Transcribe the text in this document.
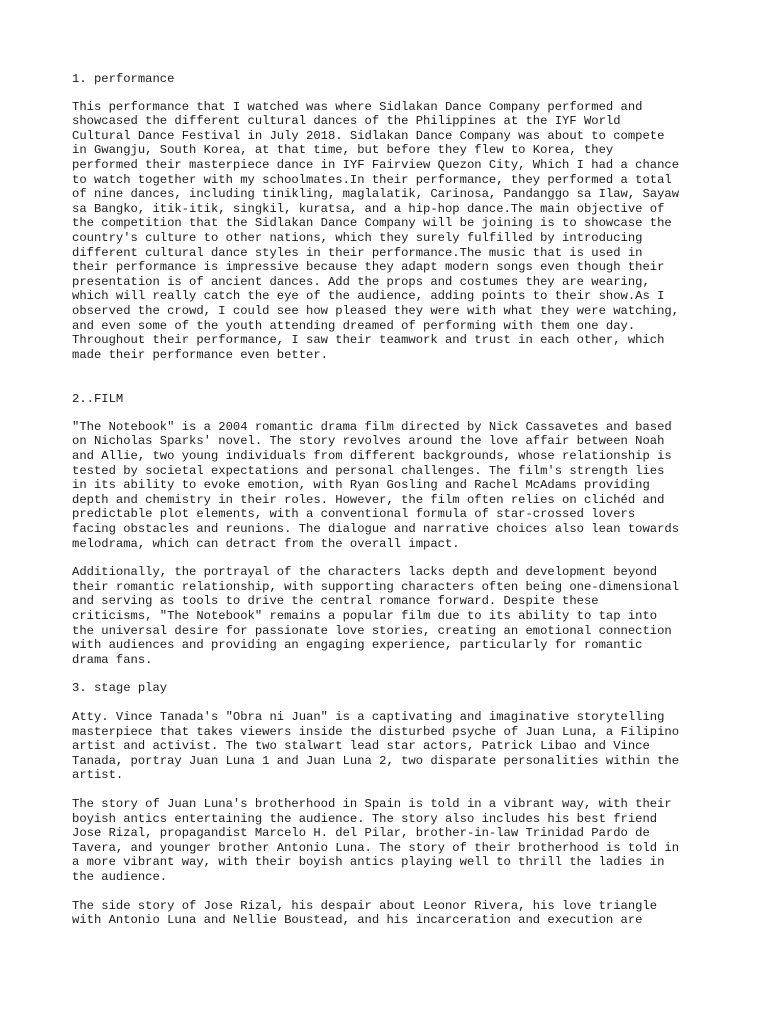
1. performance

This performance that I watched was where Sidlakan Dance Company performed and
showcased the different cultural dances of the Philippines at the IYF World
Cultural Dance Festival in July 2018. Sidlakan Dance Company was about to compete
in Gwangju, South Korea, at that time, but before they flew to Korea, they
performed their masterpiece dance in IYF Fairview Quezon City, Which I had a chance
to watch together with my schoolmates.In their performance, they performed a total
of nine dances, including tinikling, maglalatik, Carinosa, Pandanggo sa Ilaw, Sayaw
sa Bangko, itik-itik, singkil, kuratsa, and a hip-hop dance.The main objective of
the competition that the Sidlakan Dance Company will be joining is to showcase the
country's culture to other nations, which they surely fulfilled by introducing
different cultural dance styles in their performance.The music that is used in
their performance is impressive because they adapt modern songs even though their
presentation is of ancient dances. Add the props and costumes they are wearing,
which will really catch the eye of the audience, adding points to their show.As I
observed the crowd, I could see how pleased they were with what they were watching,
and even some of the youth attending dreamed of performing with them one day.
Throughout their performance, I saw their teamwork and trust in each other, which
made their performance even better.

2..FILM

"The Notebook" is a 2004 romantic drama film directed by Nick Cassavetes and based
on Nicholas Sparks' novel. The story revolves around the love affair between Noah
and Allie, two young individuals from different backgrounds, whose relationship is
tested by societal expectations and personal challenges. The film's strength lies
in its ability to evoke emotion, with Ryan Gosling and Rachel McAdams providing
depth and chemistry in their roles. However, the film often relies on clichéd and
predictable plot elements, with a conventional formula of star-crossed lovers
facing obstacles and reunions. The dialogue and narrative choices also lean towards
melodrama, which can detract from the overall impact.

Additionally, the portrayal of the characters lacks depth and development beyond
their romantic relationship, with supporting characters often being one-dimensional
and serving as tools to drive the central romance forward. Despite these
criticisms, "The Notebook" remains a popular film due to its ability to tap into
the universal desire for passionate love stories, creating an emotional connection
with audiences and providing an engaging experience, particularly for romantic
drama fans.

3. stage play

Atty. Vince Tanada's "Obra ni Juan" is a captivating and imaginative storytelling
masterpiece that takes viewers inside the disturbed psyche of Juan Luna, a Filipino
artist and activist. The two stalwart lead star actors, Patrick Libao and Vince
Tanada, portray Juan Luna 1 and Juan Luna 2, two disparate personalities within the
artist.

The story of Juan Luna's brotherhood in Spain is told in a vibrant way, with their
boyish antics entertaining the audience. The story also includes his best friend
Jose Rizal, propagandist Marcelo H. del Pilar, brother-in-law Trinidad Pardo de
Tavera, and younger brother Antonio Luna. The story of their brotherhood is told in
a more vibrant way, with their boyish antics playing well to thrill the ladies in
the audience.

The side story of Jose Rizal, his despair about Leonor Rivera, his love triangle
with Antonio Luna and Nellie Boustead, and his incarceration and execution are
